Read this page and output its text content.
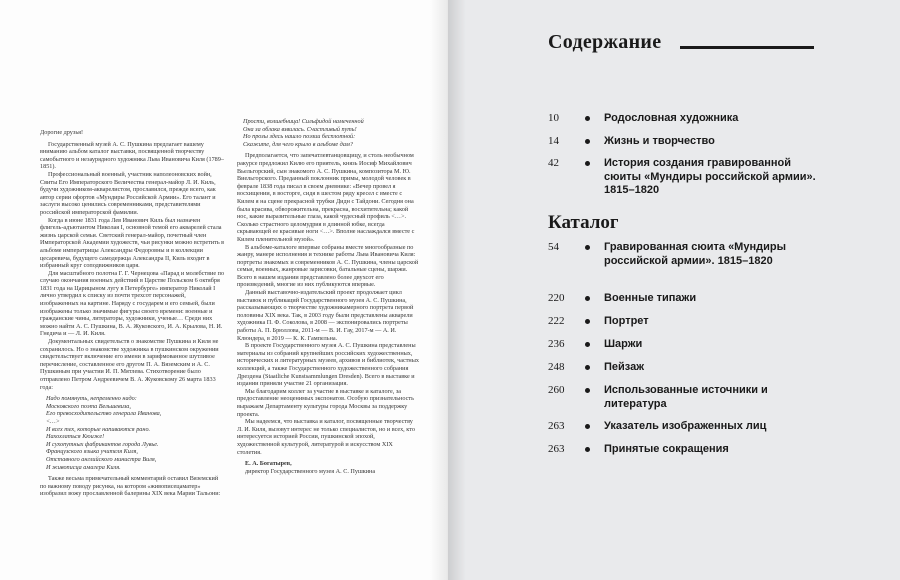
Дорогие друзья!

Государственный музей А. С. Пушкина предлагает вашему вниманию альбом каталог выставки, посвященной творчеству самобытного и незаурядного художника Льва Ивановича Киля (1789–1851).

Профессиональный военный, участник наполеоновских войн, Свиты Его Императорского Величества генерал-майор Л. И. Киль, будучи художником-акварелистом, прославился, прежде всего, как автор серии офортов «Мундиры Российской Армии». Его талант и заслуги высоко ценились современниками, представителями российской императорской фамилии.

Когда в июне 1831 года Лев Иванович Киль был назначен флигель-адъютантом Николая I, основной темой его акварелей стала жизнь царской семьи. Светский генерал-майор, почетный член Императорской Академии художеств, чьи рисунки можно встретить в альбоме императрицы Александры Федоровны и в коллекции цесаревича, будущего самодержца Александра II, Киль входит в избранный круг соподвижников царя.

Для масштабного полотна Г. Г. Чернецова «Парад и молебствие по случаю окончания военных действий в Царстве Польском 6 октября 1831 года на Царицыном лугу в Петербурге» император Николай I лично утвердил к списку из почти трехсот персонажей, изображенных на картине. Наряду с государем и его семьей, были изображены только значимые фигуры своего времени: военные и гражданские чины, литераторы, художники, ученые… Среди них можно найти А. С. Пушкина, В. А. Жуковского, И. А. Крылова, Н. И. Гнедича и — Л. И. Киля.

Документальных свидетельств о знакомстве Пушкина и Киля не сохранилось. Но о знакомстве художника в пушкинском окружении свидетельствует включение его имени в зарифмованное шутливое перечисление, составленное его другом П. А. Вяземским и А. С. Пушкиным при участии И. П. Мятлева. Стихотворение было отправлено Петром Андреевичем В. А. Жуковскому 26 марта 1833 года:

Надо помянуть, непременно надо:
Московского поэта Вельшевиза,
Его превосходительство генерала Иванова,
<…>
И всех тех, которые напиваются рано.
Нахохлаться Кюиже!
И сухопутных фабрикантов города Лувье.
Французского языка учителя Киля,
Отставного английского министра Виля,
И живописца амагера Киля.

Также весьма примечательный комментарий оставил Вяземский по важному поводу рисунка, на котором «живописецаматер» изобразил вожу прославленной балерины XIX века Марии Тальони:

Прости, волшебница! Сильфидой намеченной
Она за облака взвилась. Счастливый путь!
Но прозы здесь нашло поэзии бесплотной:
Скажите, для чего крыло в альбоме дам?

Предполагается, что запечатлевтанцовщицу, и столь необычном ракурсе предложил Килю его приятель, князь Иосиф Михайлович Вьельгорский, сын знакомого А. С. Пушкина, композитора М. Ю. Виельгорского. Преданный поклонник примы, молодой человек в феврале 1838 года писал в своем дневнике: «Вечер провел я восхищении, в восторге, сидя в шестом ряду кресел с вместе с Килем я на сцене прекрасной трубки Дидн с Тайдони. Сегодня она была красива, обворожительна, прекрасна, восхитительна; какой нос, какие выразительные глаза, какой чудесный профиль <…>. Сколько страстного целомудрия в длинной юбке, всегда скрывающей ее красивые ноги <…>. Вполне наслаждался вместе с Килем пленительной музой».

В альбоме-каталоге впервые собраны вместе многообразные по жанру, манере исполнения и технике работы Льва Ивановича Киля: портреты знакомых и современников А. С. Пушкина, члены царской семьи, военных, жанровые зарисовки, батальные сцены, шаржи. Всего в нашем издании представлено более двухсот его произведений, многие из них публикуются впервые.

Данный выставочно-издательский проект продолжает цикл выставок и публикаций Государственного музея А. С. Пушкина, рассказывающих о творчестве художникамерного портрета первой половины XIX века. Так, в 2003 году были представлены акварели художника П. Ф. Соколова, в 2008 — экспонировались портреты работы А. П. Брюллова, 2011-м — В. И. Гау, 2017-м — А. И. Клюндера, в 2019 — К. К. Гампельна.

В проекте Государственного музея А. С. Пушкина представлены материалы из собраний крупнейших российских художественных, исторических и литературных музеев, архивов и библиотек, частных коллекций, а также Государственного художественного собрания Дрездена (Staatliche Kunstsammlungen Dresden). Всего в выставке и издании приняли участие 21 организация.

Мы благодарим коллег за участие в выставке и каталоге, за предоставление неоценимых экспонатов. Особую признательность выражаем Департаменту культуры города Москвы за поддержку проекта.

Мы надеемся, что выставка и каталог, посвященные творчеству Л. И. Киля, вызовут интерес не только специалистов, но и всех, кто интересуется историей России, пушкинской эпохой, художественной культурой, литературой и искусством XIX столетия.

Е. А. Богатырев,

директор Государственного музея А. С. Пушкина

Содержание
10	Родословная художника
14	Жизнь и творчество
42	История создания гравированной сюиты «Мундиры российской армии». 1815–1820
Каталог
54	Гравированная сюита «Мундиры российской армии». 1815–1820
220	Военные типажи
222	Портрет
236	Шаржи
248	Пейзаж
260	Использованные источники и литература
263	Указатель изображенных лиц
263	Принятые сокращения
